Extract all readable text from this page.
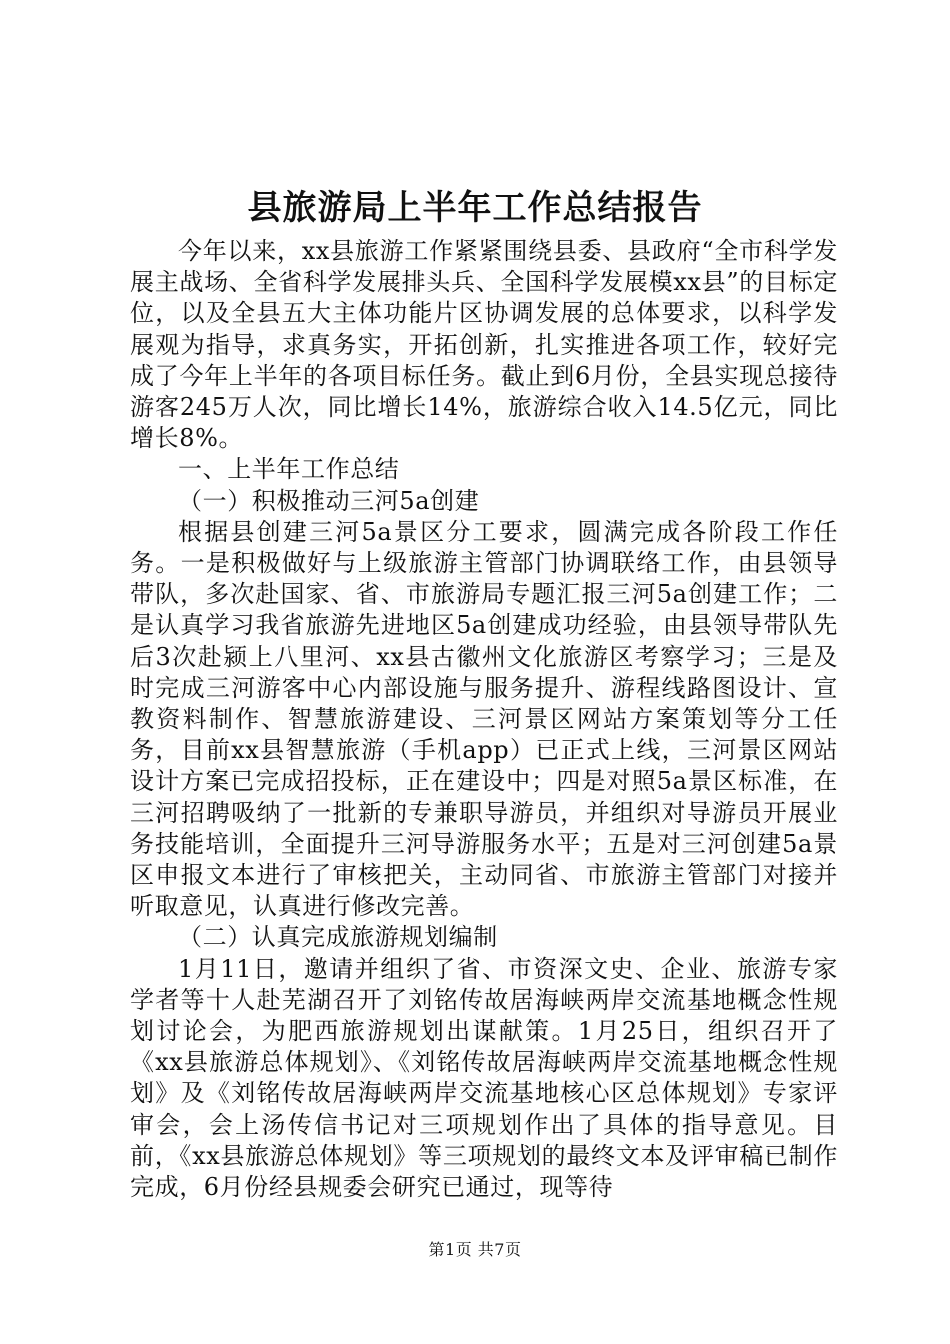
县旅游局上半年工作总结报告

今年以来，xx县旅游工作紧紧围绕县委、县政府“全市科学发展主战场、全省科学发展排头兵、全国科学发展模xx县”的目标定位，以及全县五大主体功能片区协调发展的总体要求，以科学发展观为指导，求真务实，开拓创新，扎实推进各项工作，较好完成了今年上半年的各项目标任务。截止到6月份，全县实现总接待游客245万人次，同比增长14%，旅游综合收入14.5亿元，同比增长8%。

一、上半年工作总结

（一）积极推动三河5a创建

根据县创建三河5a景区分工要求，圆满完成各阶段工作任务。一是积极做好与上级旅游主管部门协调联络工作，由县领导带队，多次赴国家、省、市旅游局专题汇报三河5a创建工作；二是认真学习我省旅游先进地区5a创建成功经验，由县领导带队先后3次赴颍上八里河、xx县古徽州文化旅游区考察学习；三是及时完成三河游客中心内部设施与服务提升、游程线路图设计、宣教资料制作、智慧旅游建设、三河景区网站方案策划等分工任务，目前xx县智慧旅游（手机app）已正式上线，三河景区网站设计方案已完成招投标，正在建设中；四是对照5a景区标准，在三河招聘吸纳了一批新的专兼职导游员，并组织对导游员开展业务技能培训，全面提升三河导游服务水平；五是对三河创建5a景区申报文本进行了审核把关，主动同省、市旅游主管部门对接并听取意见，认真进行修改完善。

（二）认真完成旅游规划编制

1月11日，邀请并组织了省、市资深文史、企业、旅游专家学者等十人赴芜湖召开了刘铭传故居海峡两岸交流基地概念性规划讨论会，为肥西旅游规划出谋献策。1月25日，组织召开了《xx县旅游总体规划》、《刘铭传故居海峡两岸交流基地概念性规划》及《刘铭传故居海峡两岸交流基地核心区总体规划》专家评审会，会上汤传信书记对三项规划作出了具体的指导意见。目前，《xx县旅游总体规划》等三项规划的最终文本及评审稿已制作完成，6月份经县规委会研究已通过，现等待

第1页 共7页
